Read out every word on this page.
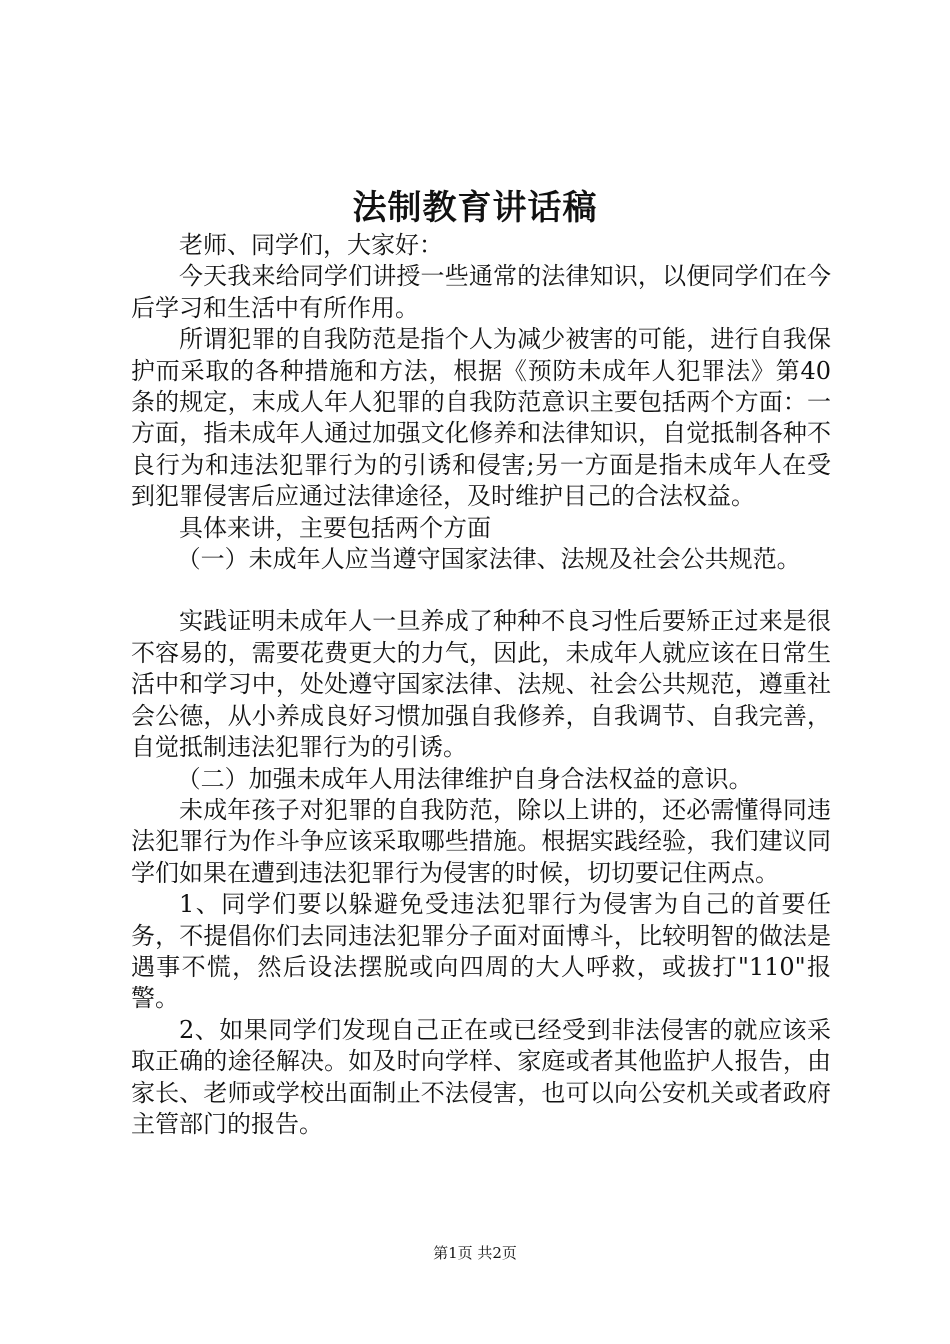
法制教育讲话稿

老师、同学们，大家好：

今天我来给同学们讲授一些通常的法律知识，以便同学们在今后学习和生活中有所作用。

所谓犯罪的自我防范是指个人为减少被害的可能，进行自我保护而采取的各种措施和方法，根据《预防未成年人犯罪法》第40条的规定，末成人年人犯罪的自我防范意识主要包括两个方面：一方面，指未成年人通过加强文化修养和法律知识，自觉抵制各种不良行为和违法犯罪行为的引诱和侵害;另一方面是指未成年人在受到犯罪侵害后应通过法律途径，及时维护目己的合法权益。

具体来讲，主要包括两个方面

（一）未成年人应当遵守国家法律、法规及社会公共规范。

实践证明未成年人一旦养成了种种不良习性后要矫正过来是很不容易的，需要花费更大的力气，因此，未成年人就应该在日常生活中和学习中，处处遵守国家法律、法规、社会公共规范，遵重社会公德，从小养成良好习惯加强自我修养，自我调节、自我完善，自觉抵制违法犯罪行为的引诱。

（二）加强未成年人用法律维护自身合法权益的意识。

未成年孩子对犯罪的自我防范，除以上讲的，还必需懂得同违法犯罪行为作斗争应该采取哪些措施。根据实践经验，我们建议同学们如果在遭到违法犯罪行为侵害的时候，切切要记住两点。

1、同学们要以躲避免受违法犯罪行为侵害为自己的首要任务，不提倡你们去同违法犯罪分子面对面博斗，比较明智的做法是遇事不慌，然后设法摆脱或向四周的大人呼救，或拔打"110"报警。

2、如果同学们发现自己正在或已经受到非法侵害的就应该采取正确的途径解决。如及时向学样、家庭或者其他监护人报告，由家长、老师或学校出面制止不法侵害，也可以向公安机关或者政府主管部门的报告。

第1页 共2页
